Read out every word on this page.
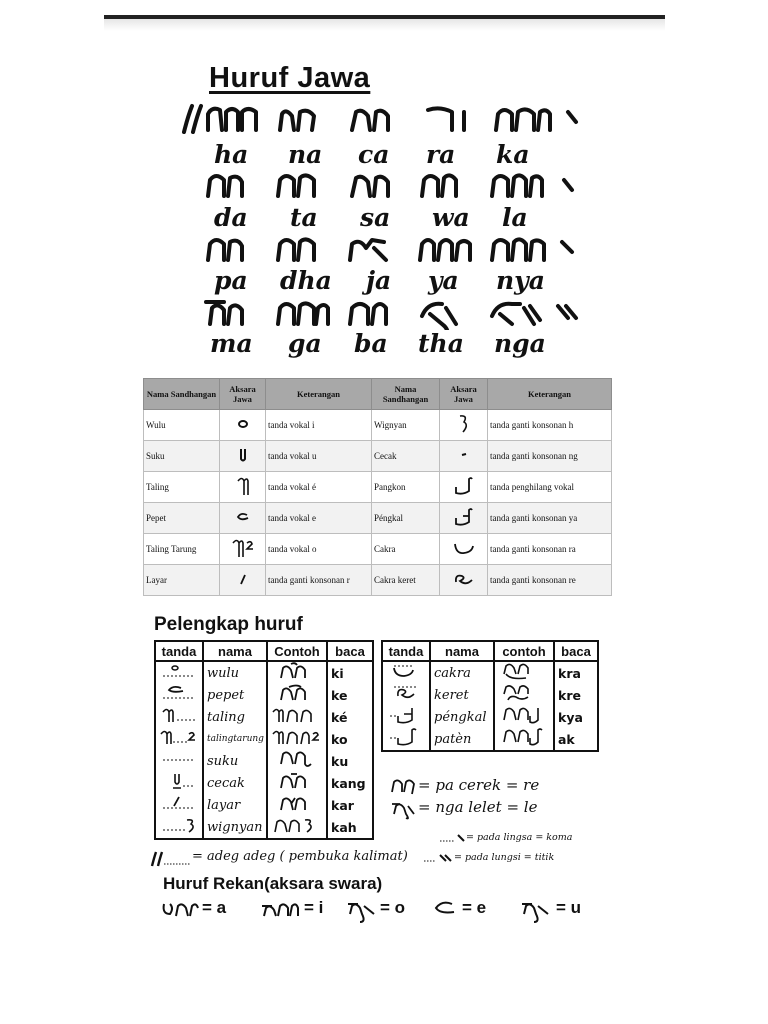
Huruf Jawa
ha na ca ra ka
da ta sa wa la
pa dha ja ya nya
ma ga ba tha nga
Nama Sandhangan	Aksara Jawa	Keterangan	Nama Sandhangan	Aksara Jawa	Keterangan
Wulu		tanda vokal i	Wignyan		tanda ganti konsonan h
Suku		tanda vokal u	Cecak		tanda ganti konsonan ng
Taling		tanda vokal é	Pangkon		tanda penghilang vokal
Pepet		tanda vokal e	Péngkal		tanda ganti konsonan ya
Taling Tarung		tanda vokal o	Cakra		tanda ganti konsonan ra
Layar		tanda ganti konsonan r	Cakra keret		tanda ganti konsonan re
Pelengkap huruf
tanda	nama	Contoh	baca
	wulu		ki
	pepet		ke
	taling		ké
	talingtarung		ko
	suku		ku
	cecak		kang
	layar		kar
	wignyan		kah
tanda	nama	contoh	baca
	cakra		kra
	keret		kre
	péngkal		kya
	patèn		ak
= pa cerek = re
= nga lelet = le
= pada lingsa = koma
= pada lungsi = titik
= adeg adeg ( pembuka kalimat)
Huruf Rekan(aksara swara)
= a	= i	= o	= e	= u
